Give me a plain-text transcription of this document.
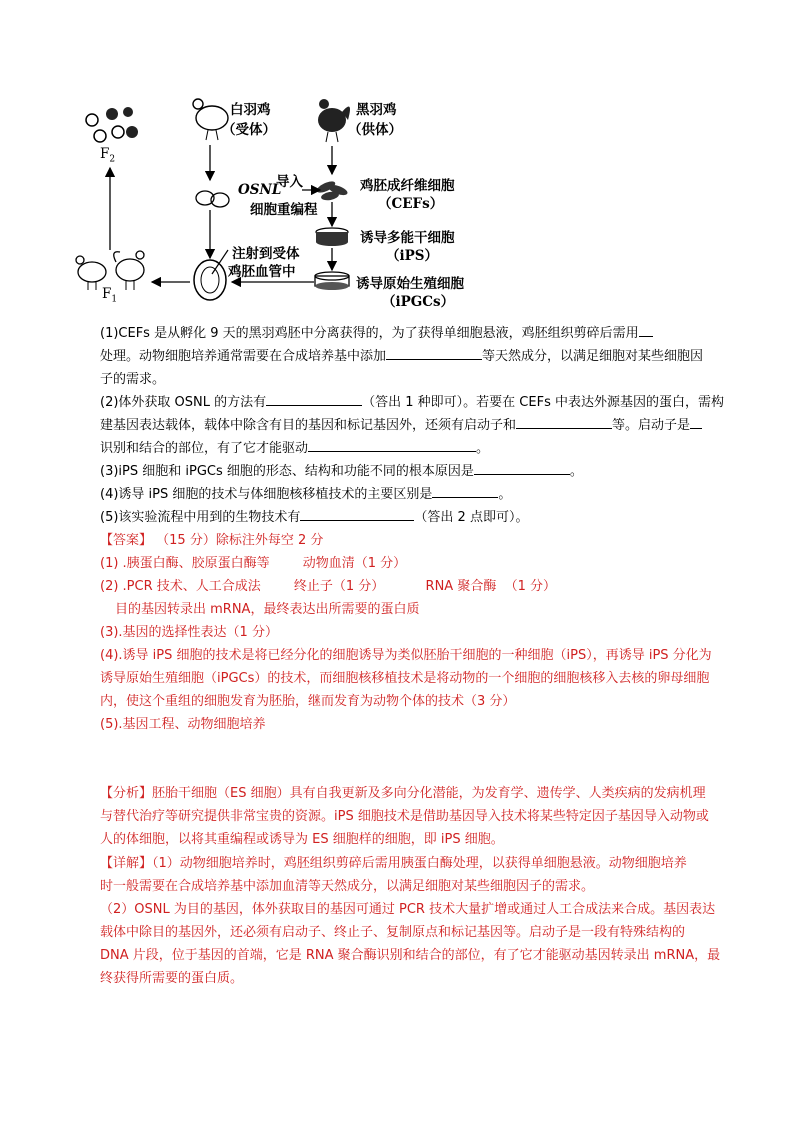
$F_2$
$F_1$
白羽鸡
（受体）
黑羽鸡
（供体）
OSNL
导入
细胞重编程
鸡胚成纤维细胞
（CEFs）
诱导多能干细胞
（iPS）
注射到受体
鸡胚血管中
诱导原始生殖细胞
（iPGCs）
(1)CEFs 是从孵化 9 天的黑羽鸡胚中分离获得的，为了获得单细胞悬液，鸡胚组织剪碎后需用
处理。动物细胞培养通常需要在合成培养基中添加	等天然成分，以满足细胞对某些细胞因
子的需求。
(2)体外获取 OSNL 的方法有	（答出 1 种即可）。若要在 CEFs 中表达外源基因的蛋白，需构
建基因表达载体，载体中除含有目的基因和标记基因外，还须有启动子和	等。启动子是
识别和结合的部位，有了它才能驱动	。
(3)iPS 细胞和 iPGCs 细胞的形态、结构和功能不同的根本原因是	。
(4)诱导 iPS 细胞的技术与体细胞核移植技术的主要区别是	。
(5)该实验流程中用到的生物技术有	（答出 2 点即可）。
【答案】 （15 分）除标注外每空 2 分
(1) .胰蛋白酶、胶原蛋白酶等        动物血清（1 分）
(2) .PCR 技术、人工合成法        终止子（1 分）          RNA 聚合酶  （1 分）
目的基因转录出 mRNA，最终表达出所需要的蛋白质
(3).基因的选择性表达（1 分）
(4).诱导 iPS 细胞的技术是将已经分化的细胞诱导为类似胚胎干细胞的一种细胞（iPS），再诱导 iPS 分化为
诱导原始生殖细胞（iPGCs）的技术，而细胞核移植技术是将动物的一个细胞的细胞核移入去核的卵母细胞
内，使这个重组的细胞发育为胚胎，继而发育为动物个体的技术（3 分）
(5).基因工程、动物细胞培养
【分析】胚胎干细胞（ES 细胞）具有自我更新及多向分化潜能，为发育学、遗传学、人类疾病的发病机理
与替代治疗等研究提供非常宝贵的资源。iPS 细胞技术是借助基因导入技术将某些特定因子基因导入动物或
人的体细胞，以将其重编程或诱导为 ES 细胞样的细胞，即 iPS 细胞。
【详解】（1）动物细胞培养时，鸡胚组织剪碎后需用胰蛋白酶处理，以获得单细胞悬液。动物细胞培养
时一般需要在合成培养基中添加血清等天然成分，以满足细胞对某些细胞因子的需求。
（2）OSNL 为目的基因，体外获取目的基因可通过 PCR 技术大量扩增或通过人工合成法来合成。基因表达
载体中除目的基因外，还必须有启动子、终止子、复制原点和标记基因等。启动子是一段有特殊结构的
DNA 片段，位于基因的首端，它是 RNA 聚合酶识别和结合的部位，有了它才能驱动基因转录出 mRNA，最
终获得所需要的蛋白质。
